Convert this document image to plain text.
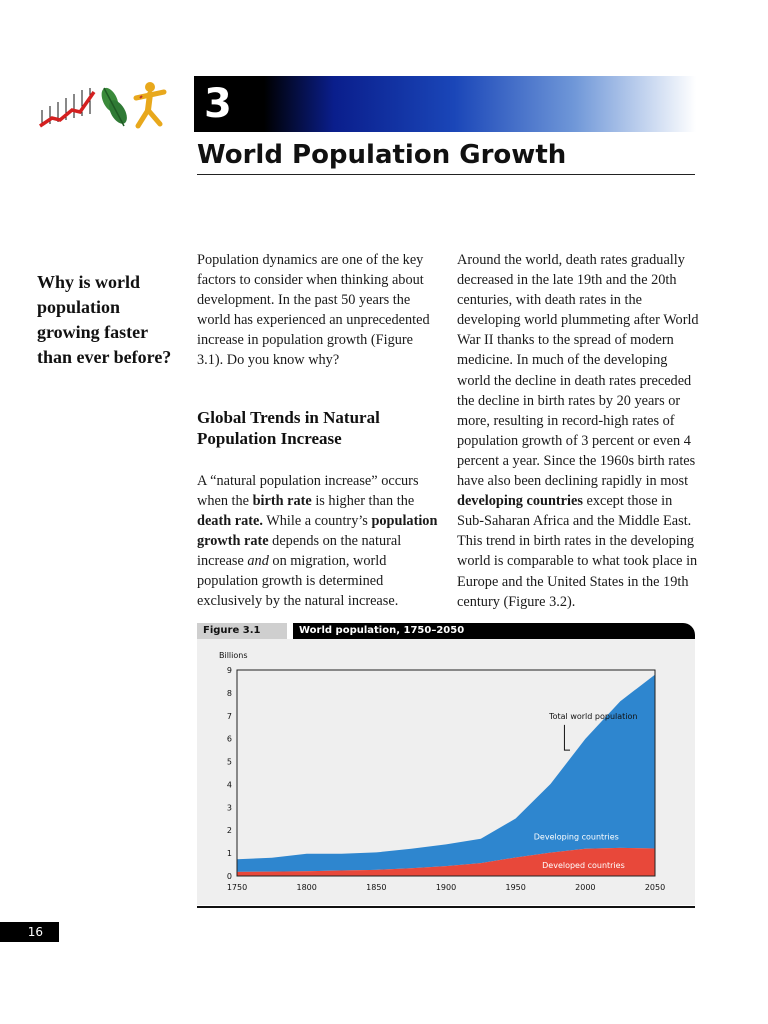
3
World Population Growth

Why is world population growing faster than ever before?

Population dynamics are one of the key factors to consider when thinking about development. In the past 50 years the world has experienced an unprecedented increase in population growth (Figure 3.1). Do you know why?

Global Trends in Natural Population Increase

A “natural population increase” occurs when the birth rate is higher than the death rate. While a country’s population growth rate depends on the natural increase and on migration, world population growth is determined exclusively by the natural increase.

Around the world, death rates gradually decreased in the late 19th and the 20th centuries, with death rates in the developing world plummeting after World War II thanks to the spread of modern medicine. In much of the developing world the decline in death rates preceded the decline in birth rates by 20 years or more, resulting in record-high rates of population growth of 3 percent or even 4 percent a year. Since the 1960s birth rates have also been declining rapidly in most developing countries except those in Sub-Saharan Africa and the Middle East. This trend in birth rates in the developing world is comparable to what took place in Europe and the United States in the 19th century (Figure 3.2).

Figure 3.1	World population, 1750–2050
Billions
0
1
2
3
4
5
6
7
8
9
1750	1800	1850	1900	1950	2000	2050
Total world population
Developing countries
Developed countries
16
